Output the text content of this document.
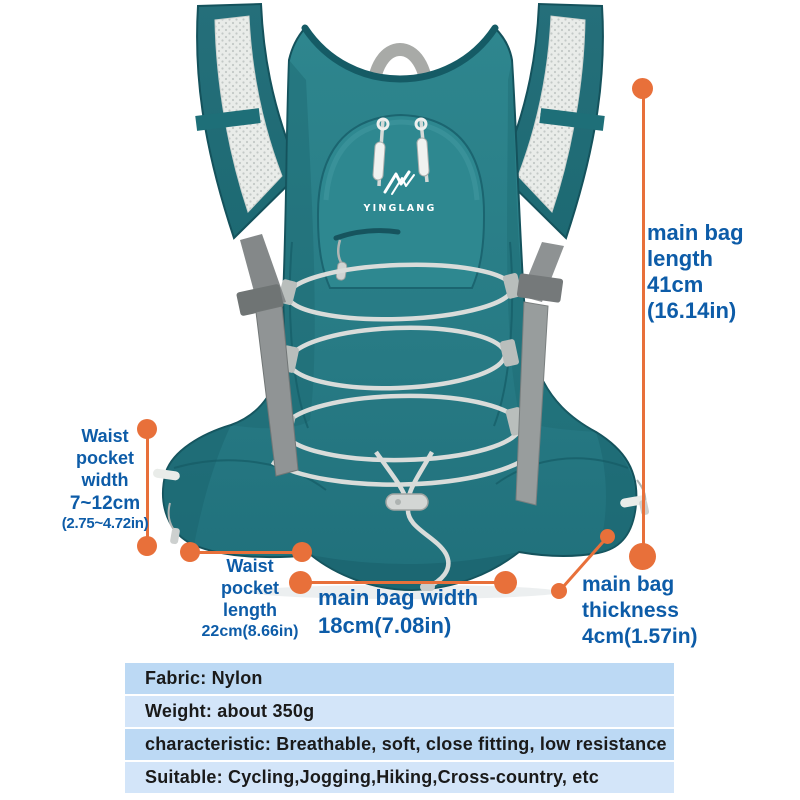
YINGLANG
Waist
pocket
width
7~12cm
(2.75~4.72in)
Waist
pocket
length
22cm(8.66in)
main bag width
18cm(7.08in)
main bag
thickness
4cm(1.57in)
main bag
length
41cm
(16.14in)
Fabric: Nylon
Weight: about 350g
characteristic: Breathable, soft, close fitting, low resistance
Suitable: Cycling,Jogging,Hiking,Cross-country, etc
